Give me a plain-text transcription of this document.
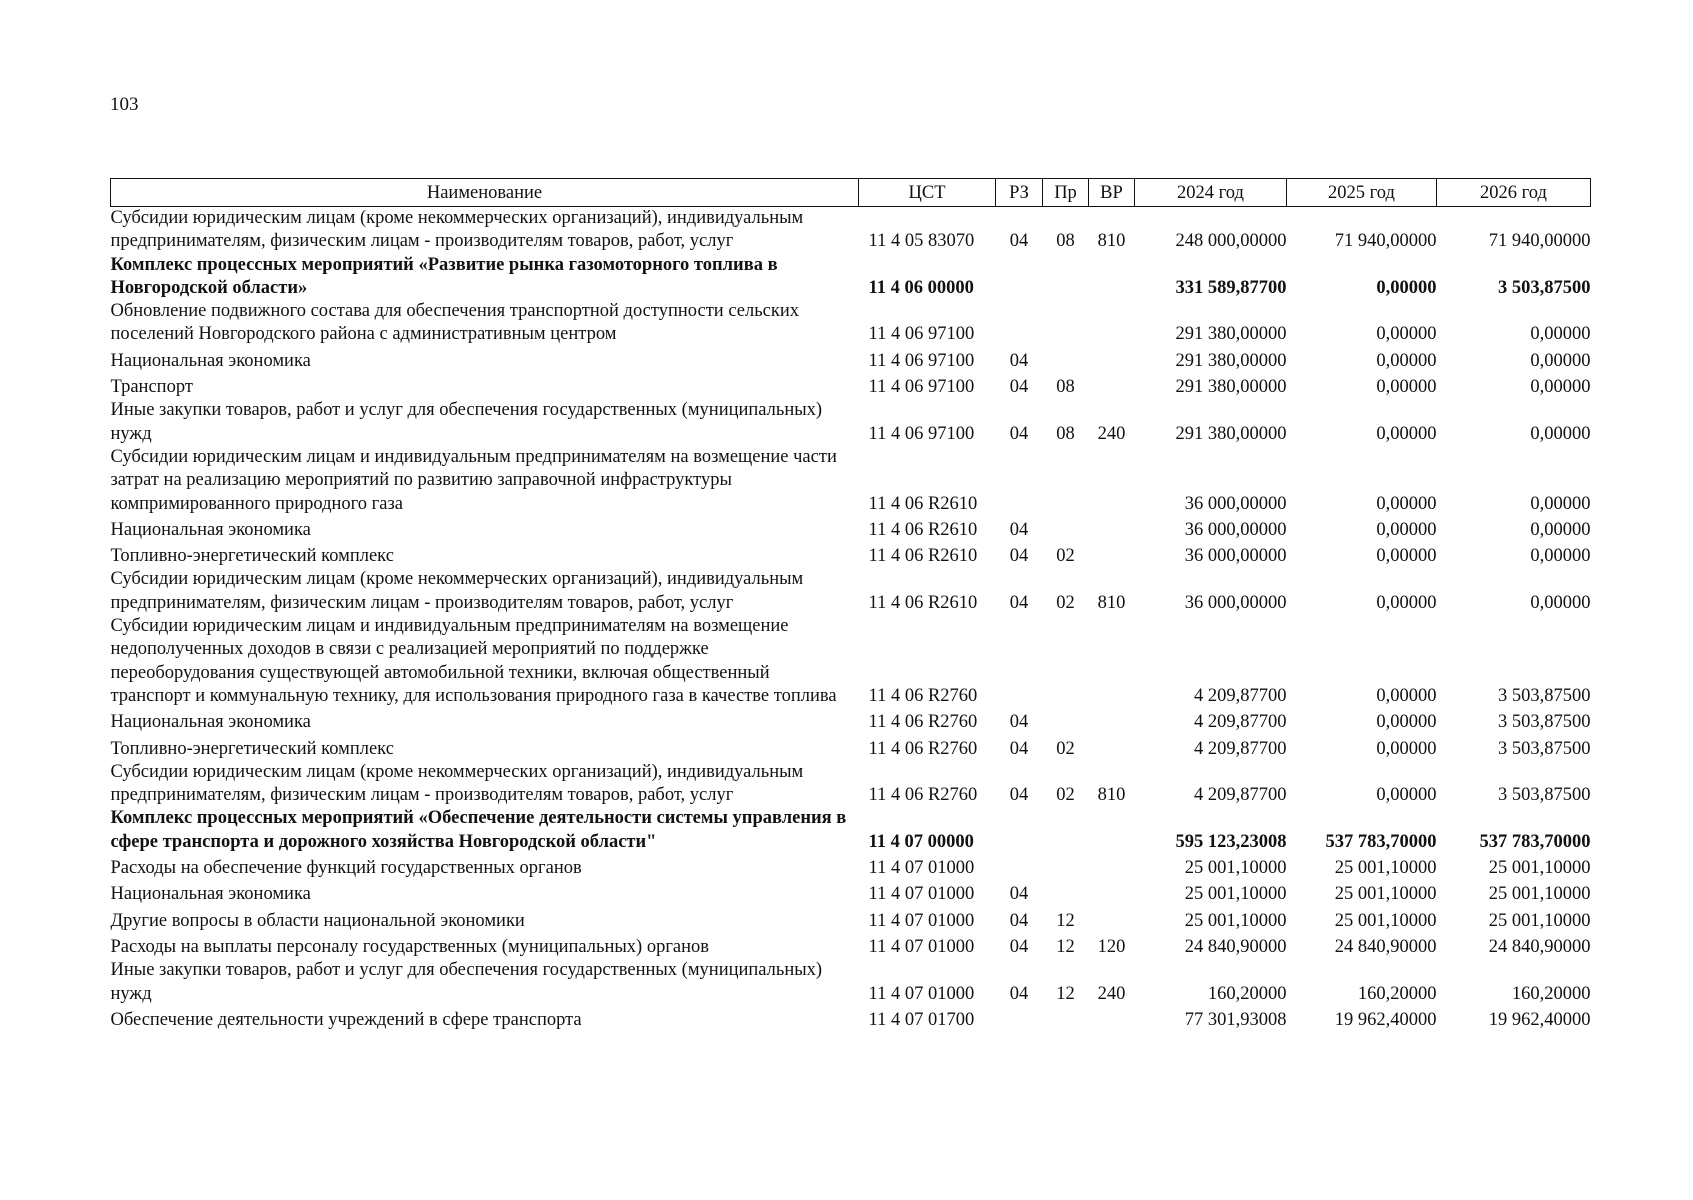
103
Наименование	ЦСТ	РЗ	Пр	ВР	2024 год	2025 год	2026 год
Субсидии юридическим лицам (кроме некоммерческих организаций), индивидуальным предпринимателям, физическим лицам - производителям товаров, работ, услуг	11 4 05 83070	04	08	810	248 000,00000	71 940,00000	71 940,00000
Комплекс процессных мероприятий «Развитие рынка газомоторного топлива в Новгородской области»	11 4 06 00000				331 589,87700	0,00000	3 503,87500
Обновление подвижного состава для обеспечения транспортной доступности сельских поселений Новгородского района с административным центром	11 4 06 97100				291 380,00000	0,00000	0,00000
Национальная экономика	11 4 06 97100	04			291 380,00000	0,00000	0,00000
Транспорт	11 4 06 97100	04	08		291 380,00000	0,00000	0,00000
Иные закупки товаров, работ и услуг для обеспечения государственных (муниципальных) нужд	11 4 06 97100	04	08	240	291 380,00000	0,00000	0,00000
Субсидии юридическим лицам и индивидуальным предпринимателям на возмещение части затрат на реализацию мероприятий по развитию заправочной инфраструктуры компримированного природного газа	11 4 06 R2610				36 000,00000	0,00000	0,00000
Национальная экономика	11 4 06 R2610	04			36 000,00000	0,00000	0,00000
Топливно-энергетический комплекс	11 4 06 R2610	04	02		36 000,00000	0,00000	0,00000
Субсидии юридическим лицам (кроме некоммерческих организаций), индивидуальным предпринимателям, физическим лицам - производителям товаров, работ, услуг	11 4 06 R2610	04	02	810	36 000,00000	0,00000	0,00000
Субсидии юридическим лицам и индивидуальным предпринимателям на возмещение недополученных доходов в связи с реализацией мероприятий по поддержке переоборудования существующей автомобильной техники, включая общественный транспорт и коммунальную технику, для использования природного газа в качестве топлива	11 4 06 R2760				4 209,87700	0,00000	3 503,87500
Национальная экономика	11 4 06 R2760	04			4 209,87700	0,00000	3 503,87500
Топливно-энергетический комплекс	11 4 06 R2760	04	02		4 209,87700	0,00000	3 503,87500
Субсидии юридическим лицам (кроме некоммерческих организаций), индивидуальным предпринимателям, физическим лицам - производителям товаров, работ, услуг	11 4 06 R2760	04	02	810	4 209,87700	0,00000	3 503,87500
Комплекс процессных мероприятий «Обеспечение деятельности системы управления в сфере транспорта и дорожного хозяйства Новгородской области"	11 4 07 00000				595 123,23008	537 783,70000	537 783,70000
Расходы на обеспечение функций государственных органов	11 4 07 01000				25 001,10000	25 001,10000	25 001,10000
Национальная экономика	11 4 07 01000	04			25 001,10000	25 001,10000	25 001,10000
Другие вопросы в области национальной экономики	11 4 07 01000	04	12		25 001,10000	25 001,10000	25 001,10000
Расходы на выплаты персоналу государственных (муниципальных) органов	11 4 07 01000	04	12	120	24 840,90000	24 840,90000	24 840,90000
Иные закупки товаров, работ и услуг для обеспечения государственных (муниципальных) нужд	11 4 07 01000	04	12	240	160,20000	160,20000	160,20000
Обеспечение деятельности учреждений в сфере транспорта	11 4 07 01700				77 301,93008	19 962,40000	19 962,40000
